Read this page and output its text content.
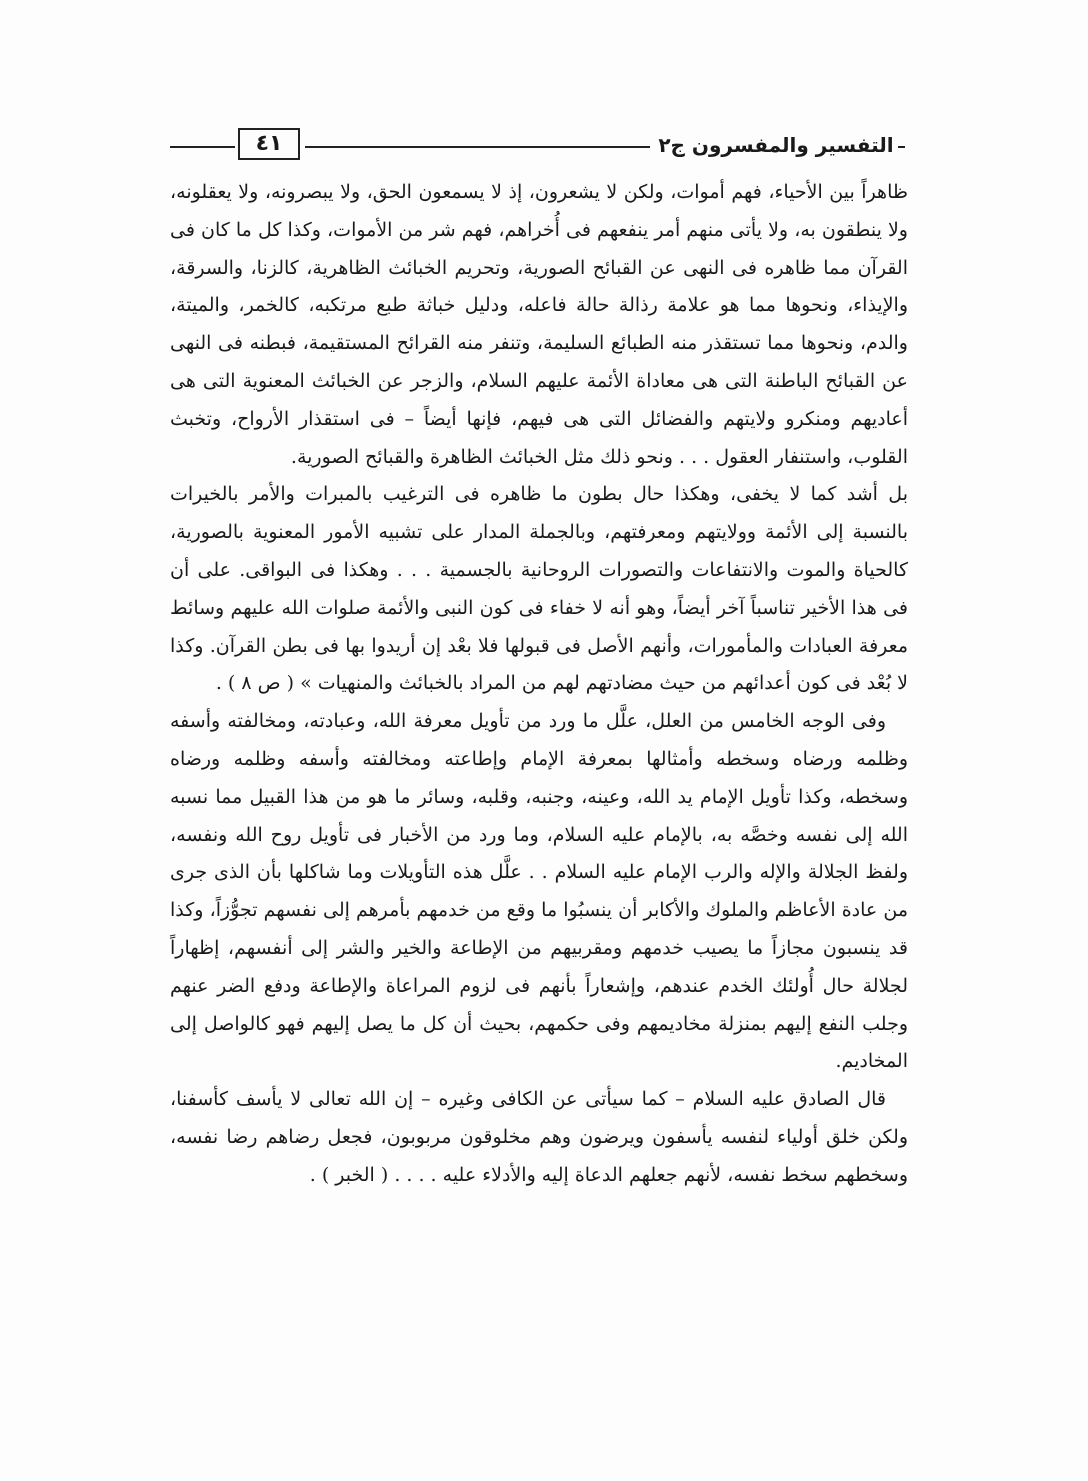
٤١	التفسير والمفسرون ج٢

ظاهراً بين الأحياء، فهم أموات، ولكن لا يشعرون، إذ لا يسمعون الحق، ولا يبصرونه، ولا يعقلونه، ولا ينطقون به، ولا يأتى منهم أمر ينفعهم فى أُخراهم، فهم شر من الأموات، وكذا كل ما كان فى القرآن مما ظاهره فى النهى عن القبائح الصورية، وتحريم الخبائث الظاهرية، كالزنا، والسرقة، والإيذاء، ونحوها مما هو علامة رذالة حالة فاعله، ودليل خباثة طبع مرتكبه، كالخمر، والميتة، والدم، ونحوها مما تستقذر منه الطبائع السليمة، وتنفر منه القرائح المستقيمة، فبطنه فى النهى عن القبائح الباطنة التى هى معاداة الأئمة عليهم السلام، والزجر عن الخبائث المعنوية التى هى أعاديهم ومنكرو ولايتهم والفضائل التى هى فيهم، فإنها أيضاً – فى استقذار الأرواح، وتخبث القلوب، واستنفار العقول . . . ونحو ذلك مثل الخبائث الظاهرة والقبائح الصورية.

بل أشد كما لا يخفى، وهكذا حال بطون ما ظاهره فى الترغيب بالمبرات والأمر بالخيرات بالنسبة إلى الأئمة وولايتهم ومعرفتهم، وبالجملة المدار على تشبيه الأمور المعنوية بالصورية، كالحياة والموت والانتفاعات والتصورات الروحانية بالجسمية . . . وهكذا فى البواقى. على أن فى هذا الأخير تناسباً آخر أيضاً، وهو أنه لا خفاء فى كون النبى والأئمة صلوات الله عليهم وسائط معرفة العبادات والمأمورات، وأنهم الأصل فى قبولها فلا بعْد إن أريدوا بها فى بطن القرآن. وكذا لا بُعْد فى كون أعدائهم من حيث مضادتهم لهم من المراد بالخبائث والمنهيات » ( ص ٨ ) .

وفى الوجه الخامس من العلل، علَّل ما ورد من تأويل معرفة الله، وعبادته، ومخالفته وأسفه وظلمه ورضاه وسخطه وأمثالها بمعرفة الإمام وإطاعته ومخالفته وأسفه وظلمه ورضاه وسخطه، وكذا تأويل الإمام يد الله، وعينه، وجنبه، وقلبه، وسائر ما هو من هذا القبيل مما نسبه الله إلى نفسه وخصَّه به، بالإمام عليه السلام، وما ورد من الأخبار فى تأويل روح الله ونفسه، ولفظ الجلالة والإله والرب الإمام عليه السلام . . علَّل هذه التأويلات وما شاكلها بأن الذى جرى من عادة الأعاظم والملوك والأكابر أن ينسبُوا ما وقع من خدمهم بأمرهم إلى نفسهم تجوُّزاً، وكذا قد ينسبون مجازاً ما يصيب خدمهم ومقربيهم من الإطاعة والخير والشر إلى أنفسهم، إظهاراً لجلالة حال أُولئك الخدم عندهم، وإشعاراً بأنهم فى لزوم المراعاة والإطاعة ودفع الضر عنهم وجلب النفع إليهم بمنزلة مخاديمهم وفى حكمهم، بحيث أن كل ما يصل إليهم فهو كالواصل إلى المخاديم.

قال الصادق عليه السلام – كما سيأتى عن الكافى وغيره – إن الله تعالى لا يأسف كأسفنا، ولكن خلق أولياء لنفسه يأسفون ويرضون وهم مخلوقون مربوبون، فجعل رضاهم رضا نفسه، وسخطهم سخط نفسه، لأنهم جعلهم الدعاة إليه والأدلاء عليه . . . . ( الخبر ) .
